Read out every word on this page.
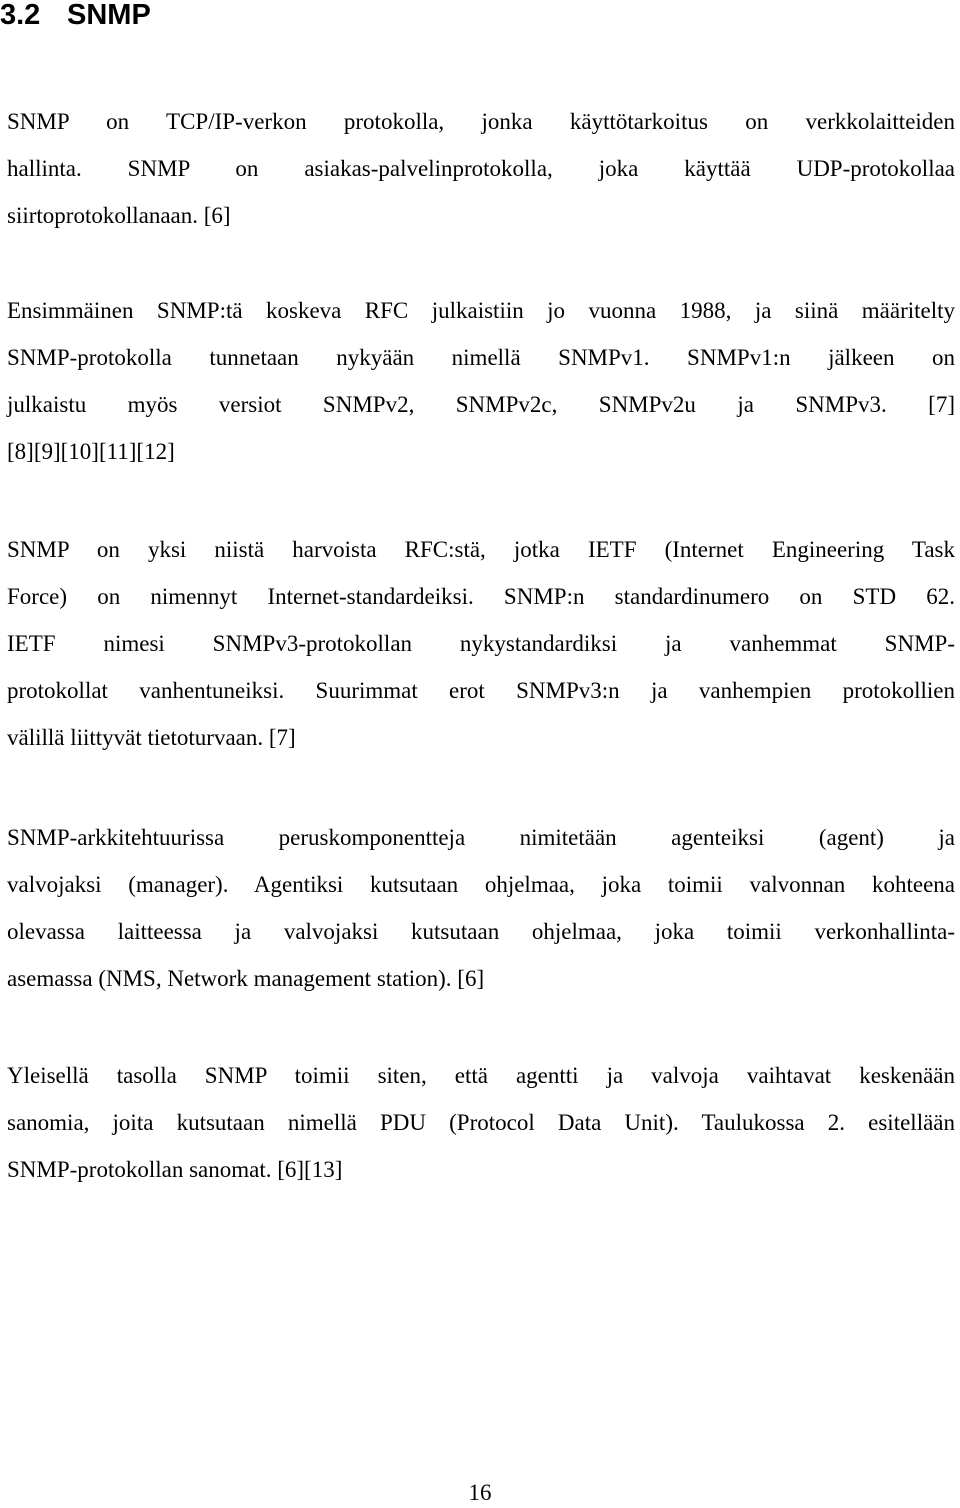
3.2 SNMP
SNMP on TCP/IP-verkon protokolla, jonka käyttötarkoitus on verkkolaitteiden
hallinta. SNMP on asiakas-palvelinprotokolla, joka käyttää UDP-protokollaa
siirtoprotokollanaan. [6]
Ensimmäinen SNMP:tä koskeva RFC julkaistiin jo vuonna 1988, ja siinä määritelty
SNMP-protokolla tunnetaan nykyään nimellä SNMPv1. SNMPv1:n jälkeen on
julkaistu myös versiot SNMPv2, SNMPv2c, SNMPv2u ja SNMPv3. [7]
[8][9][10][11][12]
SNMP on yksi niistä harvoista RFC:stä, jotka IETF (Internet Engineering Task
Force) on nimennyt Internet-standardeiksi. SNMP:n standardinumero on STD 62.
IETF nimesi SNMPv3-protokollan nykystandardiksi ja vanhemmat SNMP-
protokollat vanhentuneiksi. Suurimmat erot SNMPv3:n ja vanhempien protokollien
välillä liittyvät tietoturvaan. [7]
SNMP-arkkitehtuurissa peruskomponentteja nimitetään agenteiksi (agent) ja
valvojaksi (manager). Agentiksi kutsutaan ohjelmaa, joka toimii valvonnan kohteena
olevassa laitteessa ja valvojaksi kutsutaan ohjelmaa, joka toimii verkonhallinta-
asemassa (NMS, Network management station). [6]
Yleisellä tasolla SNMP toimii siten, että agentti ja valvoja vaihtavat keskenään
sanomia, joita kutsutaan nimellä PDU (Protocol Data Unit). Taulukossa 2. esitellään
SNMP-protokollan sanomat. [6][13]
16
